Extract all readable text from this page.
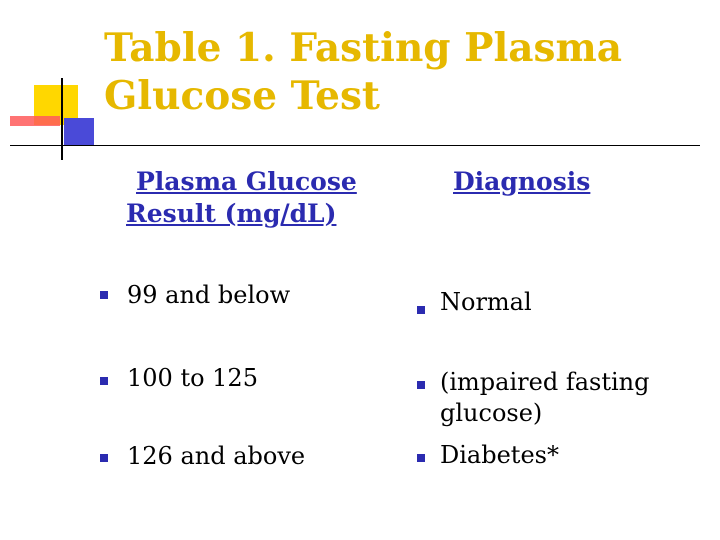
Table 1. Fasting Plasma
Glucose Test
Plasma Glucose
Result (mg/dL)
Diagnosis
99 and below
100 to 125
126 and above
Normal
(impaired fasting glucose)
Diabetes*
